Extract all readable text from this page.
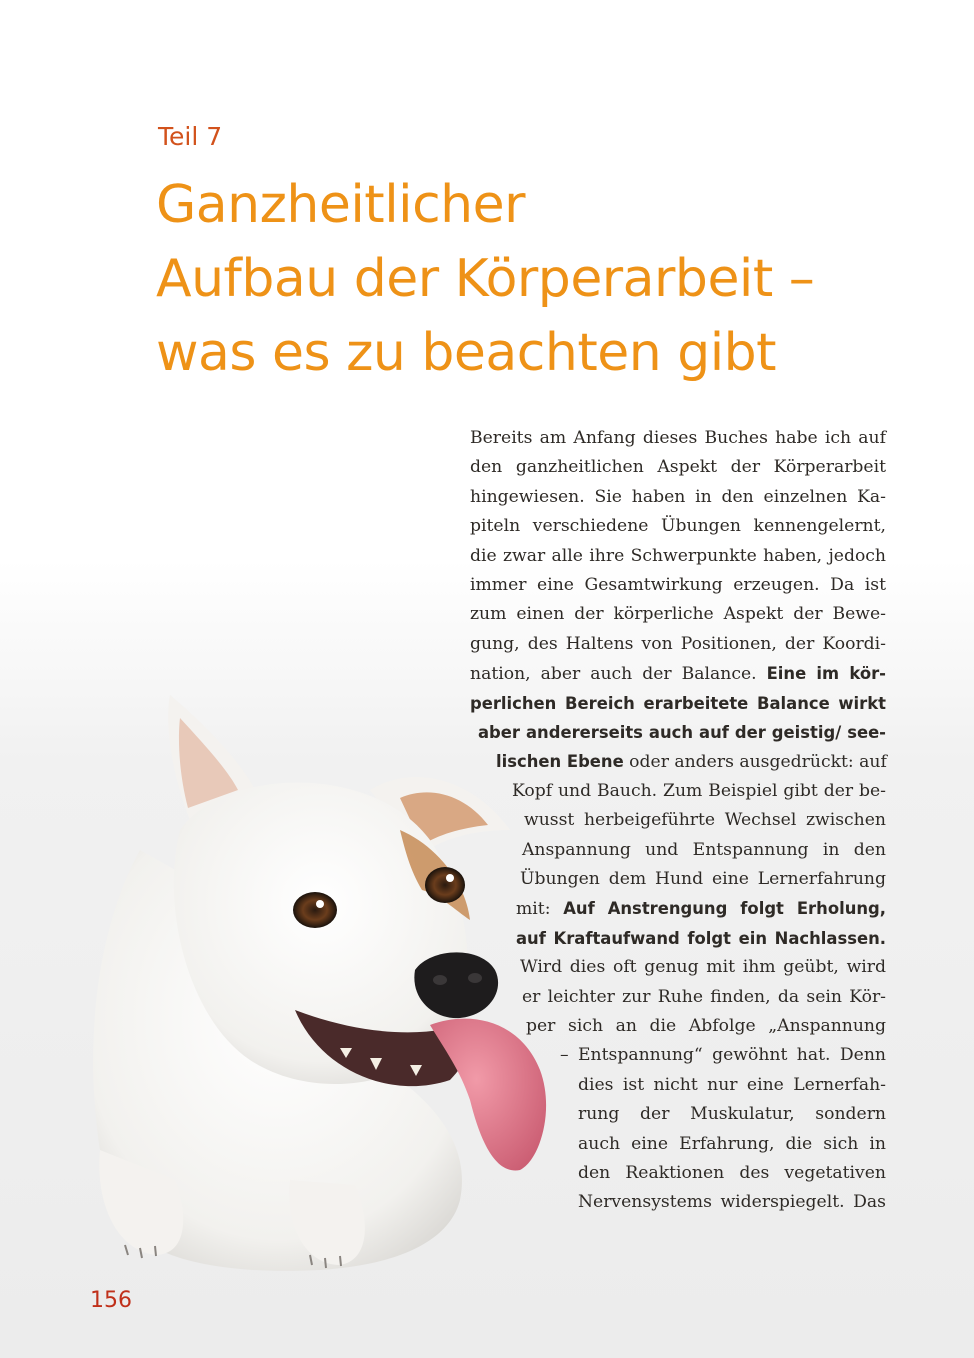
Teil 7
Ganzheitlicher
Aufbau der Körperarbeit –
was es zu beachten gibt
Bereits am Anfang dieses Buches habe ich auf
den ganzheitlichen Aspekt der Körperarbeit
hingewiesen. Sie haben in den einzelnen Ka-
piteln verschiedene Übungen kennengelernt,
die zwar alle ihre Schwerpunkte haben, jedoch
immer eine Gesamtwirkung erzeugen. Da ist
zum einen der körperliche Aspekt der Bewe-
gung, des Haltens von Positionen, der Koordi-
nation, aber auch der Balance. Eine im kör-
perlichen Bereich erarbeitete Balance wirkt
aber andererseits auch auf der geistig/ see-
lischen Ebene oder anders ausgedrückt: auf
Kopf und Bauch. Zum Beispiel gibt der be-
wusst herbeigeführte Wechsel zwischen
Anspannung und Entspannung in den
Übungen dem Hund eine Lernerfahrung
mit: Auf Anstrengung folgt Erholung,
auf Kraftaufwand folgt ein Nachlassen.
Wird dies oft genug mit ihm geübt, wird
er leichter zur Ruhe finden, da sein Kör-
per sich an die Abfolge „Anspannung
– Entspannung“ gewöhnt hat. Denn
dies ist nicht nur eine Lernerfah-
rung der Muskulatur, sondern
auch eine Erfahrung, die sich in
den Reaktionen des vegetativen
Nervensystems widerspiegelt. Das
156
